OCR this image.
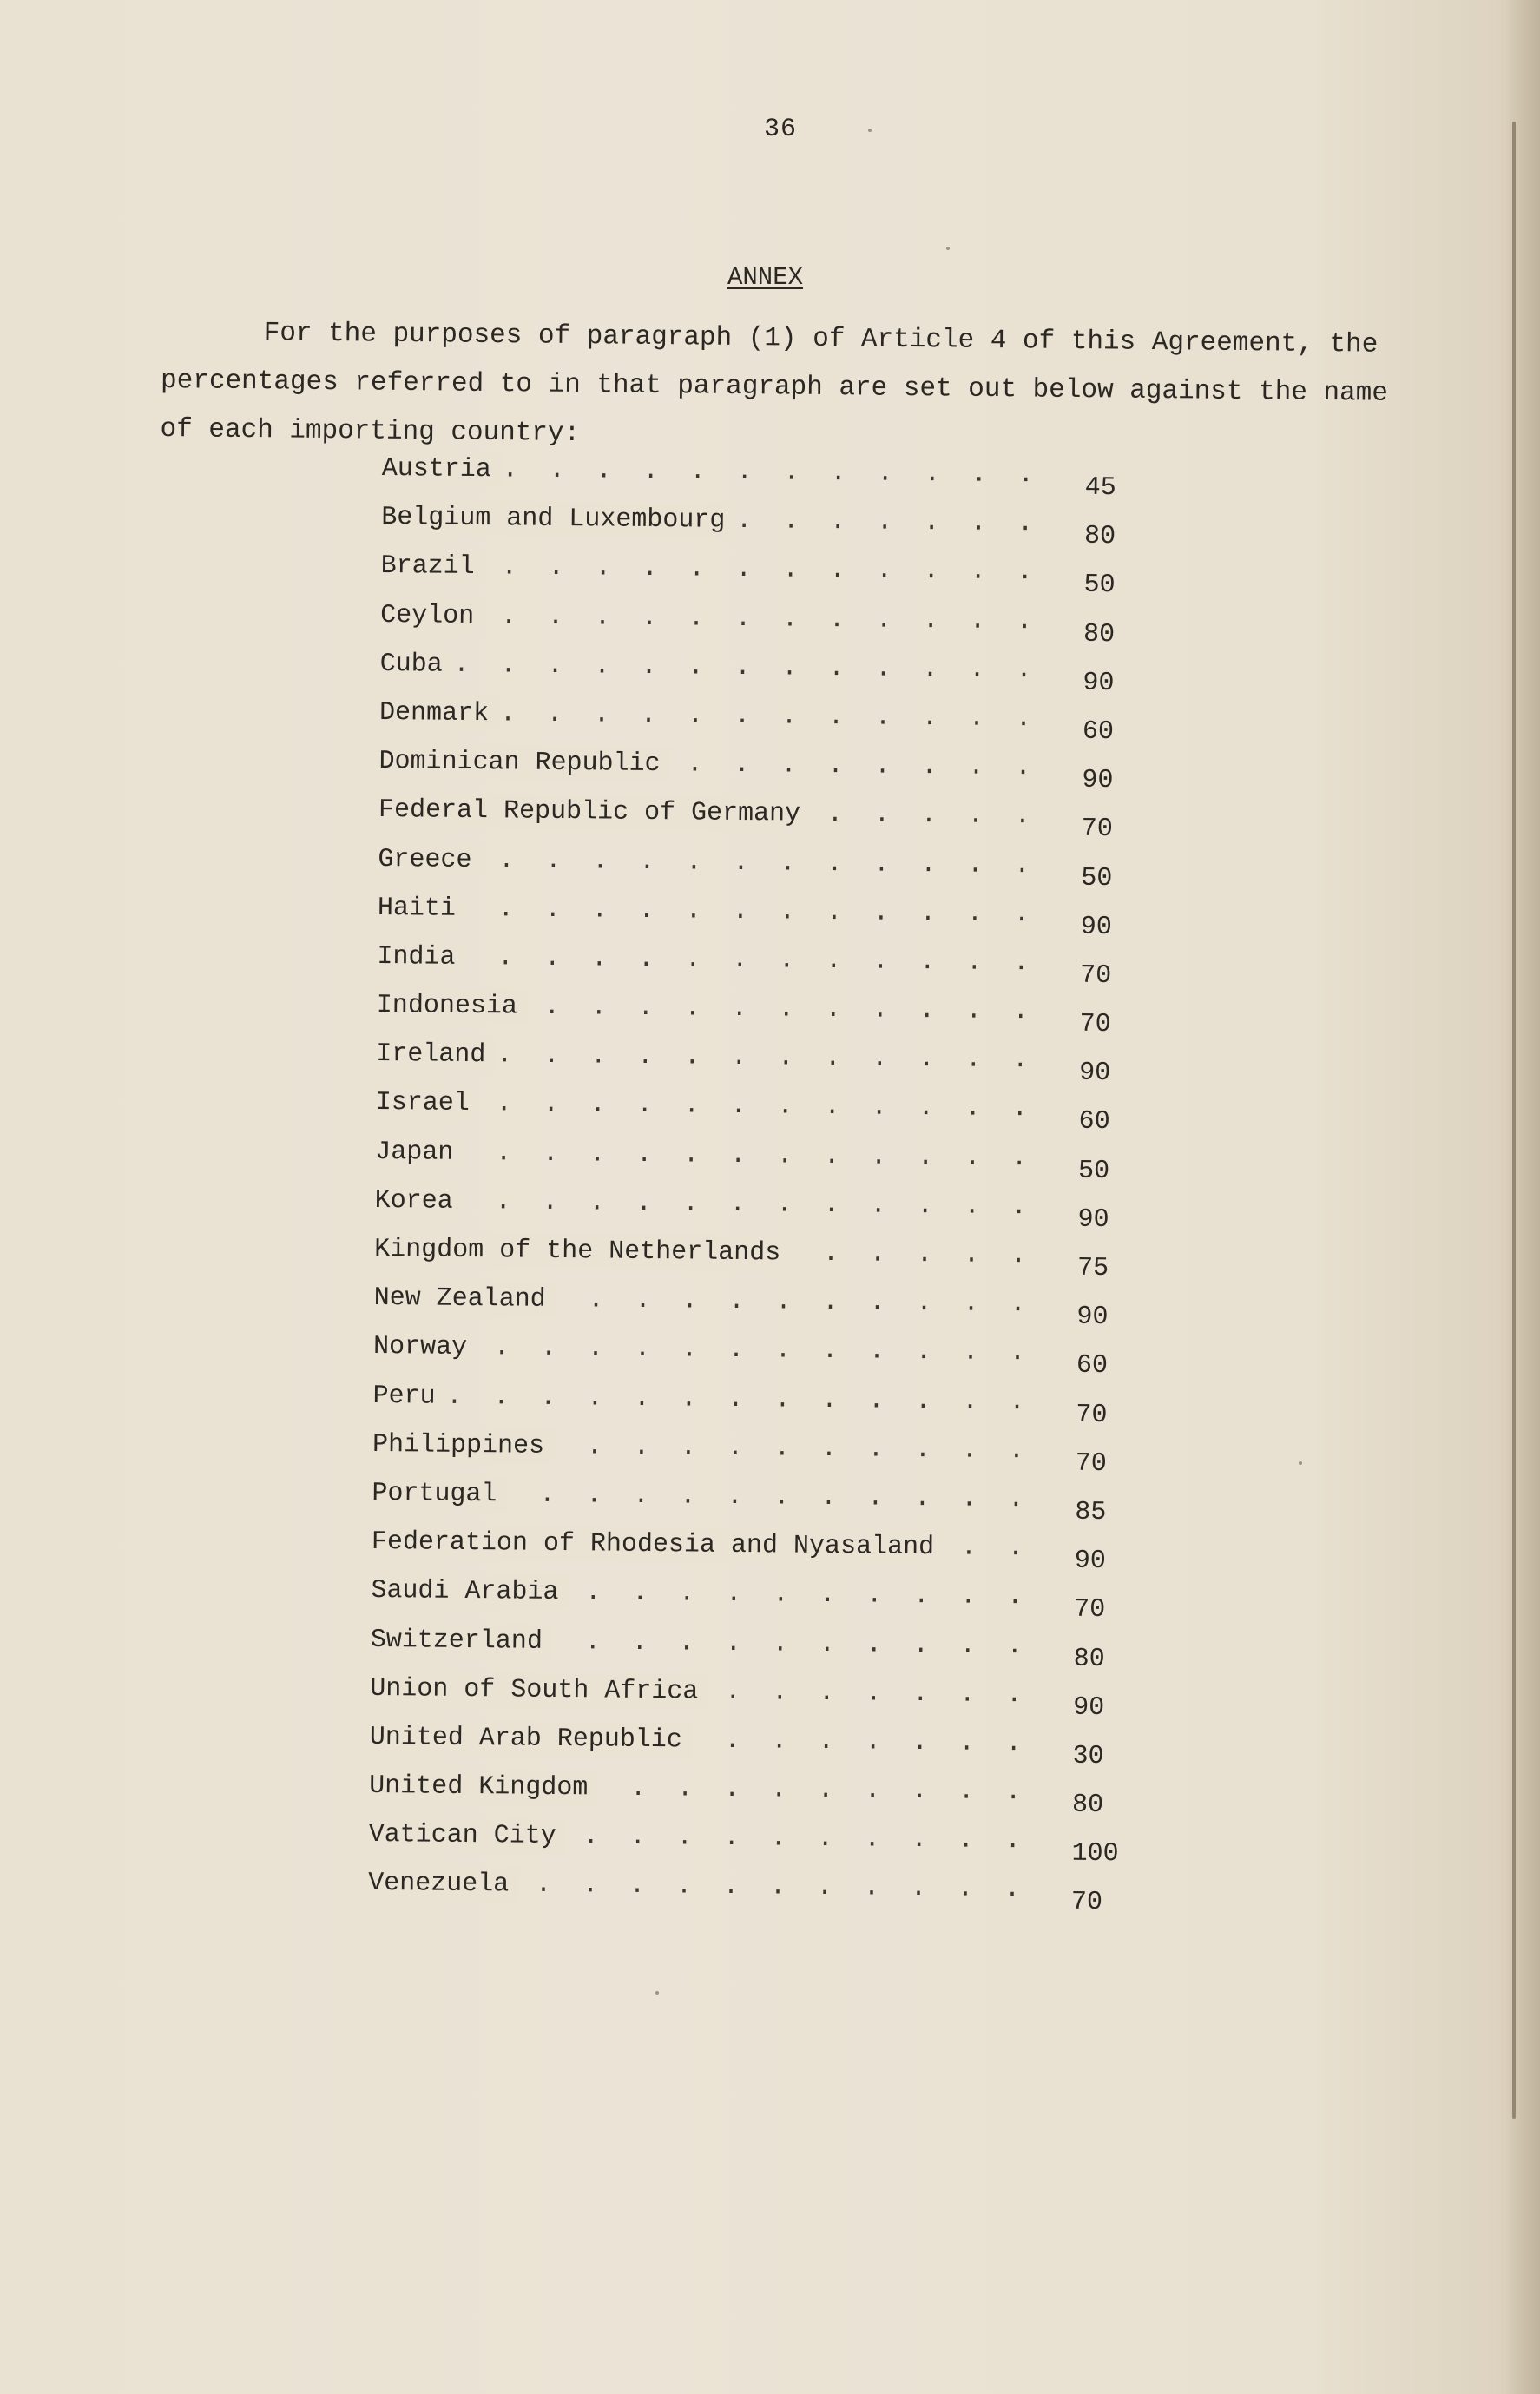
36
ANNEX
For the purposes of paragraph (1) of Article 4 of this Agreement, the
percentages referred to in that paragraph are set out below against the name
of each importing country:
. . .
Austria
45
. . .
Belgium and Luxembourg
80
. . .
Brazil
50
. . .
Ceylon
80
. . .
Cuba
90
. . .
Denmark
60
. . .
Dominican Republic
90
. . .
Federal Republic of Germany
70
. . .
Greece
50
. . .
Haiti
90
. . .
India
70
. . .
Indonesia
70
. . .
Ireland
90
. . .
Israel
60
. . .
Japan
50
. . .
Korea
90
. . .
Kingdom of the Netherlands
75
. . .
New Zealand
90
. . .
Norway
60
. . .
Peru
70
. . .
Philippines
70
. . .
Portugal
85
. . .
Federation of Rhodesia and Nyasaland	90
. . .
Saudi Arabia
70
. . .
Switzerland
80
. . .
Union of South Africa
90
. . .
United Arab Republic
30
. . .
United Kingdom
80
. . .
Vatican City
100
. . .
Venezuela
70
